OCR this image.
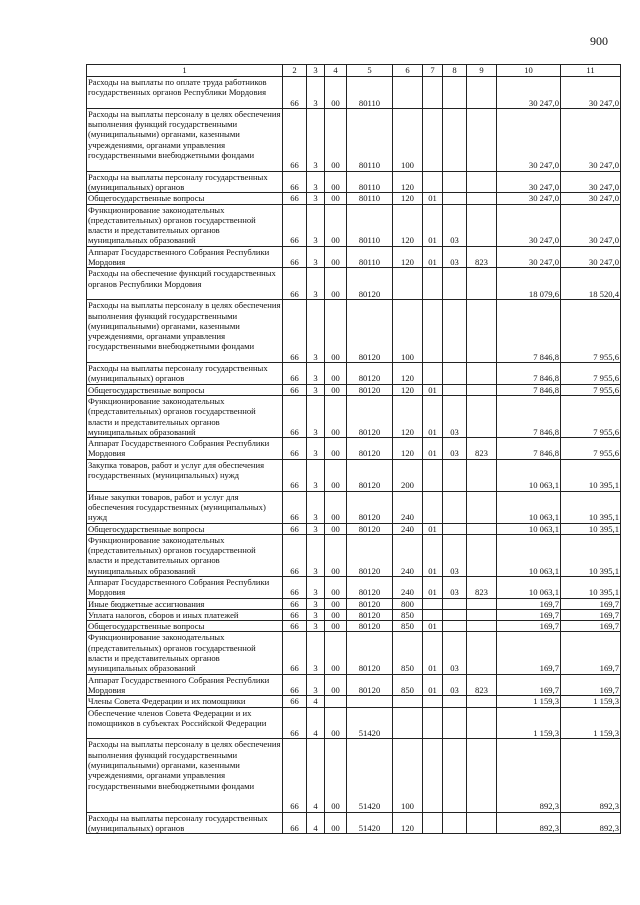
900
1	2	3	4	5	6	7	8	9	10	11
Расходы на выплаты по оплате труда работников государственных органов Республики Мордовия	66	3	00	80110					30 247,0	30 247,0
Расходы на выплаты персоналу в целях обеспечения выполнения функций государственными (муниципальными) органами, казенными учреждениями, органами управления государственными внебюджетными фондами	66	3	00	80110	100				30 247,0	30 247,0
Расходы на выплаты персоналу государственных (муниципальных) органов	66	3	00	80110	120				30 247,0	30 247,0
Общегосударственные вопросы	66	3	00	80110	120	01			30 247,0	30 247,0
Функционирование законодательных (представительных) органов государственной власти и представительных органов муниципальных образований	66	3	00	80110	120	01	03		30 247,0	30 247,0
Аппарат Государственного Собрания Республики Мордовия	66	3	00	80110	120	01	03	823	30 247,0	30 247,0
Расходы на обеспечение функций государственных органов Республики Мордовия	66	3	00	80120					18 079,6	18 520,4
Расходы на выплаты персоналу в целях обеспечения выполнения функций государственными (муниципальными) органами, казенными учреждениями, органами управления государственными внебюджетными фондами	66	3	00	80120	100				7 846,8	7 955,6
Расходы на выплаты персоналу государственных (муниципальных) органов	66	3	00	80120	120				7 846,8	7 955,6
Общегосударственные вопросы	66	3	00	80120	120	01			7 846,8	7 955,6
Функционирование законодательных (представительных) органов государственной власти и представительных органов муниципальных образований	66	3	00	80120	120	01	03		7 846,8	7 955,6
Аппарат Государственного Собрания Республики Мордовия	66	3	00	80120	120	01	03	823	7 846,8	7 955,6
Закупка товаров, работ и услуг для обеспечения государственных (муниципальных) нужд	66	3	00	80120	200				10 063,1	10 395,1
Иные закупки товаров, работ и услуг для обеспечения государственных (муниципальных) нужд	66	3	00	80120	240				10 063,1	10 395,1
Общегосударственные вопросы	66	3	00	80120	240	01			10 063,1	10 395,1
Функционирование законодательных (представительных) органов государственной власти и представительных органов муниципальных образований	66	3	00	80120	240	01	03		10 063,1	10 395,1
Аппарат Государственного Собрания Республики Мордовия	66	3	00	80120	240	01	03	823	10 063,1	10 395,1
Иные бюджетные ассигнования	66	3	00	80120	800				169,7	169,7
Уплата налогов, сборов и иных платежей	66	3	00	80120	850				169,7	169,7
Общегосударственные вопросы	66	3	00	80120	850	01			169,7	169,7
Функционирование законодательных (представительных) органов государственной власти и представительных органов муниципальных образований	66	3	00	80120	850	01	03		169,7	169,7
Аппарат Государственного Собрания Республики Мордовия	66	3	00	80120	850	01	03	823	169,7	169,7
Члены Совета Федерации и их помощники	66	4							1 159,3	1 159,3
Обеспечение членов Совета Федерации и их помощников в субъектах Российской Федерации	66	4	00	51420					1 159,3	1 159,3
Расходы на выплаты персоналу в целях обеспечения выполнения функций государственными (муниципальными) органами, казенными учреждениями, органами управления государственными внебюджетными фондами	66	4	00	51420	100				892,3	892,3
Расходы на выплаты персоналу государственных (муниципальных) органов	66	4	00	51420	120				892,3	892,3
